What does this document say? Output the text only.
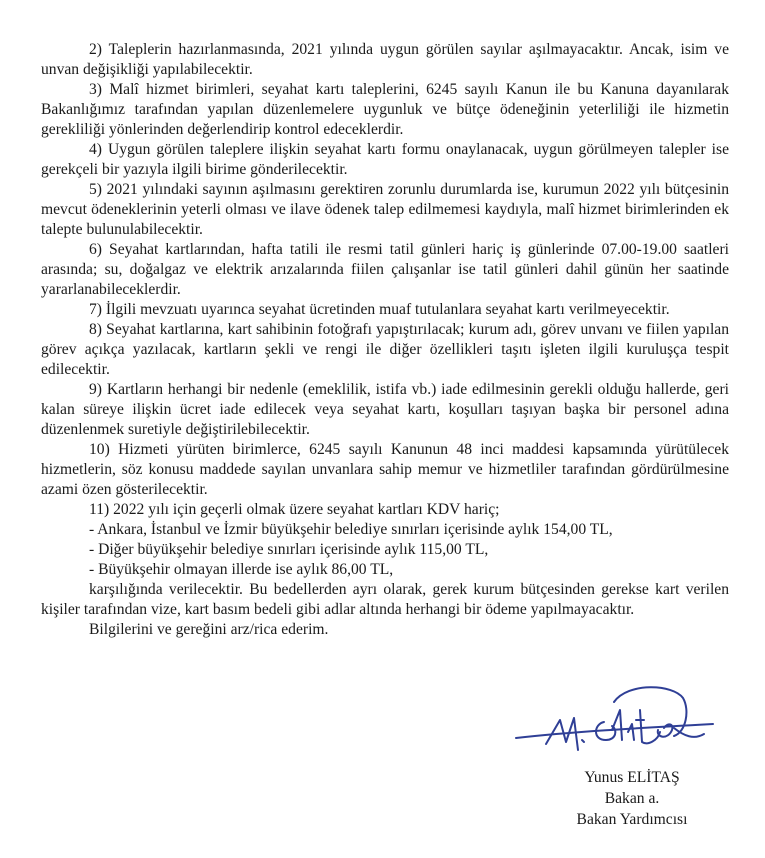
2) Taleplerin hazırlanmasında, 2021 yılında uygun görülen sayılar aşılmayacaktır. Ancak, isim ve unvan değişikliği yapılabilecektir.

3) Malî hizmet birimleri, seyahat kartı taleplerini, 6245 sayılı Kanun ile bu Kanuna dayanılarak Bakanlığımız tarafından yapılan düzenlemelere uygunluk ve bütçe ödeneğinin yeterliliği ile hizmetin gerekliliği yönlerinden değerlendirip kontrol edeceklerdir.

4) Uygun görülen taleplere ilişkin seyahat kartı formu onaylanacak, uygun görülmeyen talepler ise gerekçeli bir yazıyla ilgili birime gönderilecektir.

5) 2021 yılındaki sayının aşılmasını gerektiren zorunlu durumlarda ise, kurumun 2022 yılı bütçesinin mevcut ödeneklerinin yeterli olması ve ilave ödenek talep edilmemesi kaydıyla, malî hizmet birimlerinden ek talepte bulunulabilecektir.

6) Seyahat kartlarından, hafta tatili ile resmi tatil günleri hariç iş günlerinde 07.00-19.00 saatleri arasında; su, doğalgaz ve elektrik arızalarında fiilen çalışanlar ise tatil günleri dahil günün her saatinde yararlanabileceklerdir.

7) İlgili mevzuatı uyarınca seyahat ücretinden muaf tutulanlara seyahat kartı verilmeyecektir.

8) Seyahat kartlarına, kart sahibinin fotoğrafı yapıştırılacak; kurum adı, görev unvanı ve fiilen yapılan görev açıkça yazılacak, kartların şekli ve rengi ile diğer özellikleri taşıtı işleten ilgili kuruluşça tespit edilecektir.

9) Kartların herhangi bir nedenle (emeklilik, istifa vb.) iade edilmesinin gerekli olduğu hallerde, geri kalan süreye ilişkin ücret iade edilecek veya seyahat kartı, koşulları taşıyan başka bir personel adına düzenlenmek suretiyle değiştirilebilecektir.

10) Hizmeti yürüten birimlerce, 6245 sayılı Kanunun 48 inci maddesi kapsamında yürütülecek hizmetlerin, söz konusu maddede sayılan unvanlara sahip memur ve hizmetliler tarafından gördürülmesine azami özen gösterilecektir.

11) 2022 yılı için geçerli olmak üzere seyahat kartları KDV hariç;

- Ankara, İstanbul ve İzmir büyükşehir belediye sınırları içerisinde aylık 154,00 TL,

- Diğer büyükşehir belediye sınırları içerisinde aylık 115,00 TL,

- Büyükşehir olmayan illerde ise aylık 86,00 TL,

karşılığında verilecektir. Bu bedellerden ayrı olarak, gerek kurum bütçesinden gerekse kart verilen kişiler tarafından vize, kart basım bedeli gibi adlar altında herhangi bir ödeme yapılmayacaktır.

Bilgilerini ve gereğini arz/rica ederim.

Yunus ELİTAŞ
Bakan a.
Bakan Yardımcısı
